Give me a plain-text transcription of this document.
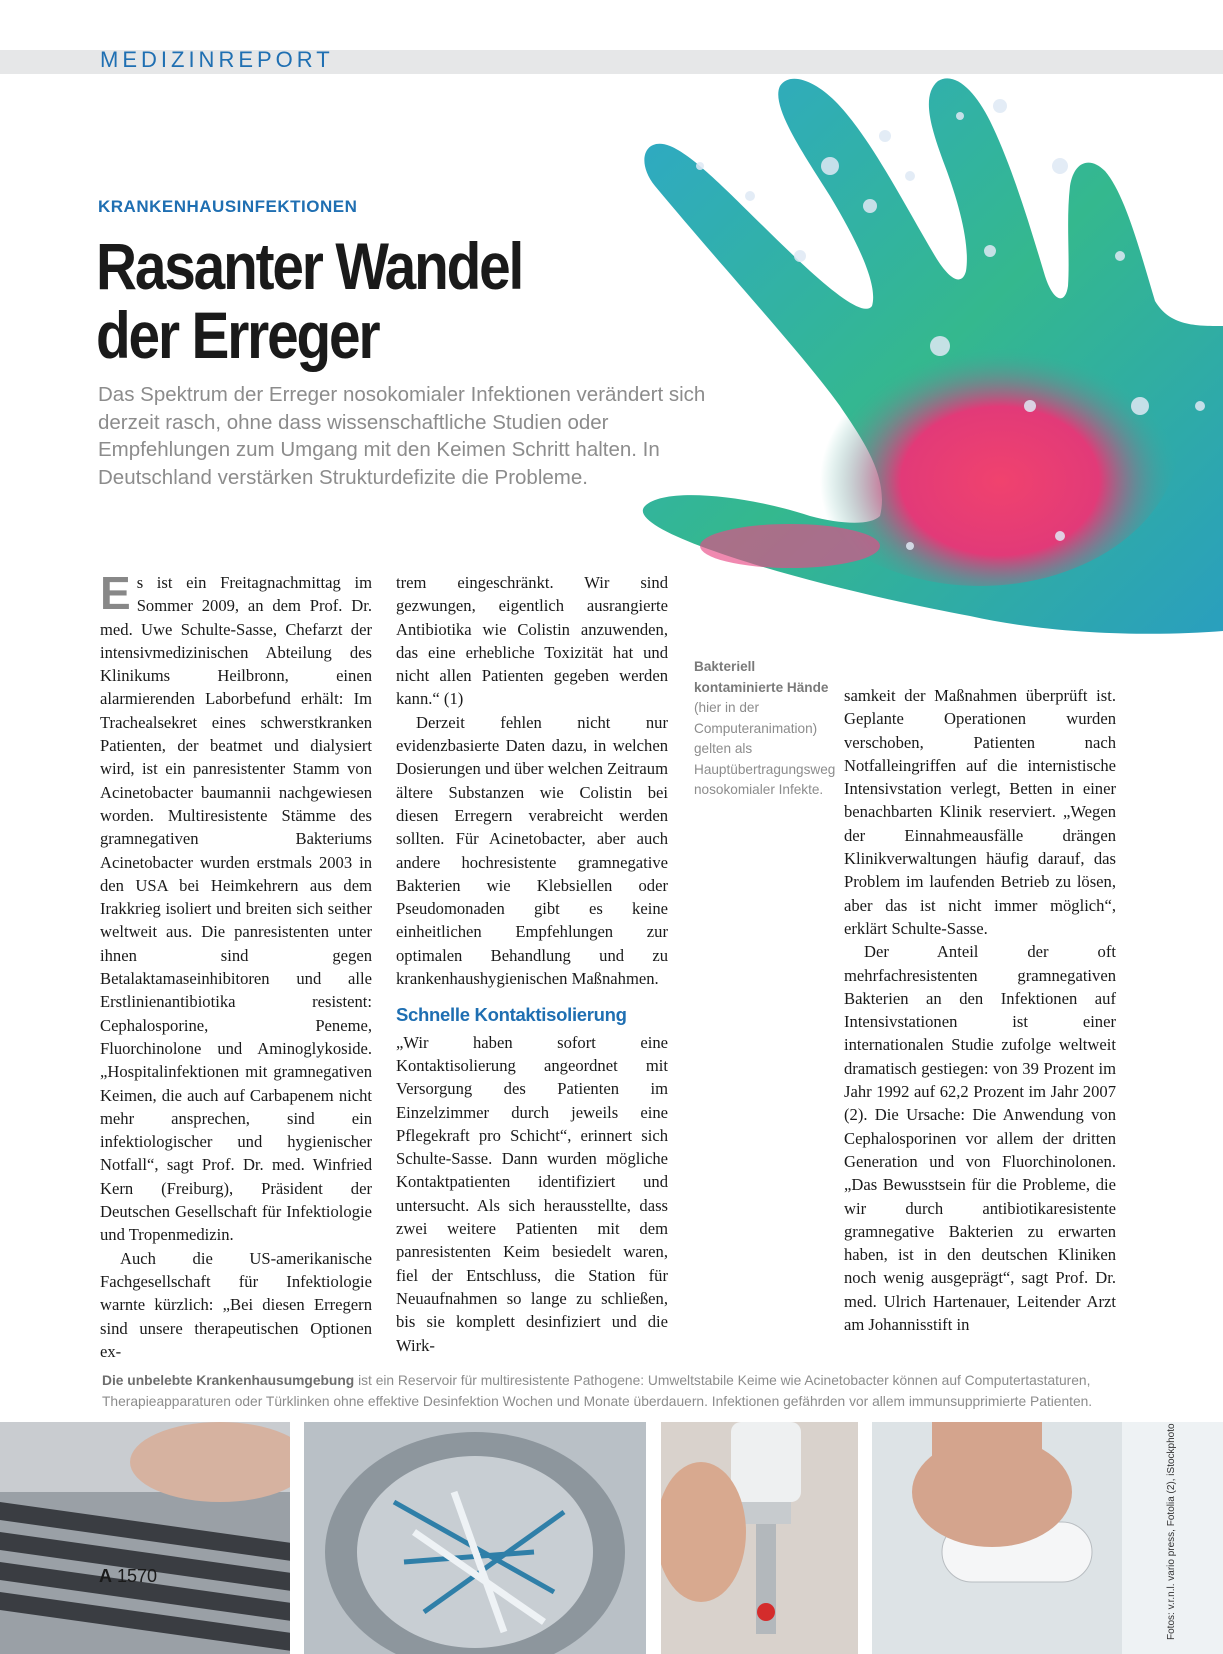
MEDIZINREPORT
KRANKENHAUSINFEKTIONEN
Rasanter Wandel
der Erreger
Das Spektrum der Erreger nosokomialer Infektionen verändert sich derzeit rasch, ohne dass wissenschaftliche Studien oder Empfehlungen zum Umgang mit den Keimen Schritt halten. In Deutschland verstärken Strukturdefizite die Probleme.

E s ist ein Freitagnachmittag im Sommer 2009, an dem Prof. Dr. med. Uwe Schulte-Sasse, Chefarzt der intensivmedizinischen Abteilung des Klinikums Heilbronn, einen alarmierenden Laborbefund erhält: Im Trachealsekret eines schwerstkranken Patienten, der beatmet und dialysiert wird, ist ein panresistenter Stamm von Acinetobacter baumannii nachgewiesen worden. Multiresistente Stämme des gramnegativen Bakteriums Acinetobacter wurden erstmals 2003 in den USA bei Heimkehrern aus dem Irakkrieg isoliert und breiten sich seither weltweit aus. Die panresistenten unter ihnen sind gegen Betalaktamaseinhibitoren und alle Erstlinienantibiotika resistent: Cephalosporine, Peneme, Fluorchinolone und Aminoglykoside. „Hospitalinfektionen mit gramnegativen Keimen, die auch auf Carbapenem nicht mehr ansprechen, sind ein infektiologischer und hygienischer Notfall“, sagt Prof. Dr. med. Winfried Kern (Freiburg), Präsident der Deutschen Gesellschaft für Infektiologie und Tropenmedizin.

Auch die US-amerikanische Fachgesellschaft für Infektiologie warnte kürzlich: „Bei diesen Erregern sind unsere therapeutischen Optionen ex-

trem eingeschränkt. Wir sind gezwungen, eigentlich ausrangierte Antibiotika wie Colistin anzuwenden, das eine erhebliche Toxizität hat und nicht allen Patienten gegeben werden kann.“ (1)

Derzeit fehlen nicht nur evidenzbasierte Daten dazu, in welchen Dosierungen und über welchen Zeitraum ältere Substanzen wie Colistin bei diesen Erregern verabreicht werden sollten. Für Acinetobacter, aber auch andere hochresistente gramnegative Bakterien wie Klebsiellen oder Pseudomonaden gibt es keine einheitlichen Empfehlungen zur optimalen Behandlung und zu krankenhaushygienischen Maßnahmen.

Schnelle Kontaktisolierung

„Wir haben sofort eine Kontaktisolierung angeordnet mit Versorgung des Patienten im Einzelzimmer durch jeweils eine Pflegekraft pro Schicht“, erinnert sich Schulte-Sasse. Dann wurden mögliche Kontaktpatienten identifiziert und untersucht. Als sich herausstellte, dass zwei weitere Patienten mit dem panresistenten Keim besiedelt waren, fiel der Entschluss, die Station für Neuaufnahmen so lange zu schließen, bis sie komplett desinfiziert und die Wirk-

Bakteriell kontaminierte Hände (hier in der Computeranimation) gelten als Hauptübertragungsweg nosokomialer Infekte.

samkeit der Maßnahmen überprüft ist. Geplante Operationen wurden verschoben, Patienten nach Notfalleingriffen auf die internistische Intensivstation verlegt, Betten in einer benachbarten Klinik reserviert. „Wegen der Einnahmeausfälle drängen Klinikverwaltungen häufig darauf, das Problem im laufenden Betrieb zu lösen, aber das ist nicht immer möglich“, erklärt Schulte-Sasse.

Der Anteil der oft mehrfachresistenten gramnegativen Bakterien an den Infektionen auf Intensivstationen ist einer internationalen Studie zufolge weltweit dramatisch gestiegen: von 39 Prozent im Jahr 1992 auf 62,2 Prozent im Jahr 2007 (2). Die Ursache: Die Anwendung von Cephalosporinen vor allem der dritten Generation und von Fluorchinolonen. „Das Bewusstsein für die Probleme, die wir durch antibiotikaresistente gramnegative Bakterien zu erwarten haben, ist in den deutschen Kliniken noch wenig ausgeprägt“, sagt Prof. Dr. med. Ulrich Hartenauer, Leitender Arzt am Johannisstift in

Die unbelebte Krankenhausumgebung ist ein Reservoir für multiresistente Pathogene: Umweltstabile Keime wie Acinetobacter können auf Computertastaturen, Therapieapparaturen oder Türklinken ohne effektive Desinfektion Wochen und Monate überdauern. Infektionen gefährden vor allem immunsupprimierte Patienten.
A 1570	Fotos: v.r.n.l. vario press, Fotolia (2), iStockphoto
